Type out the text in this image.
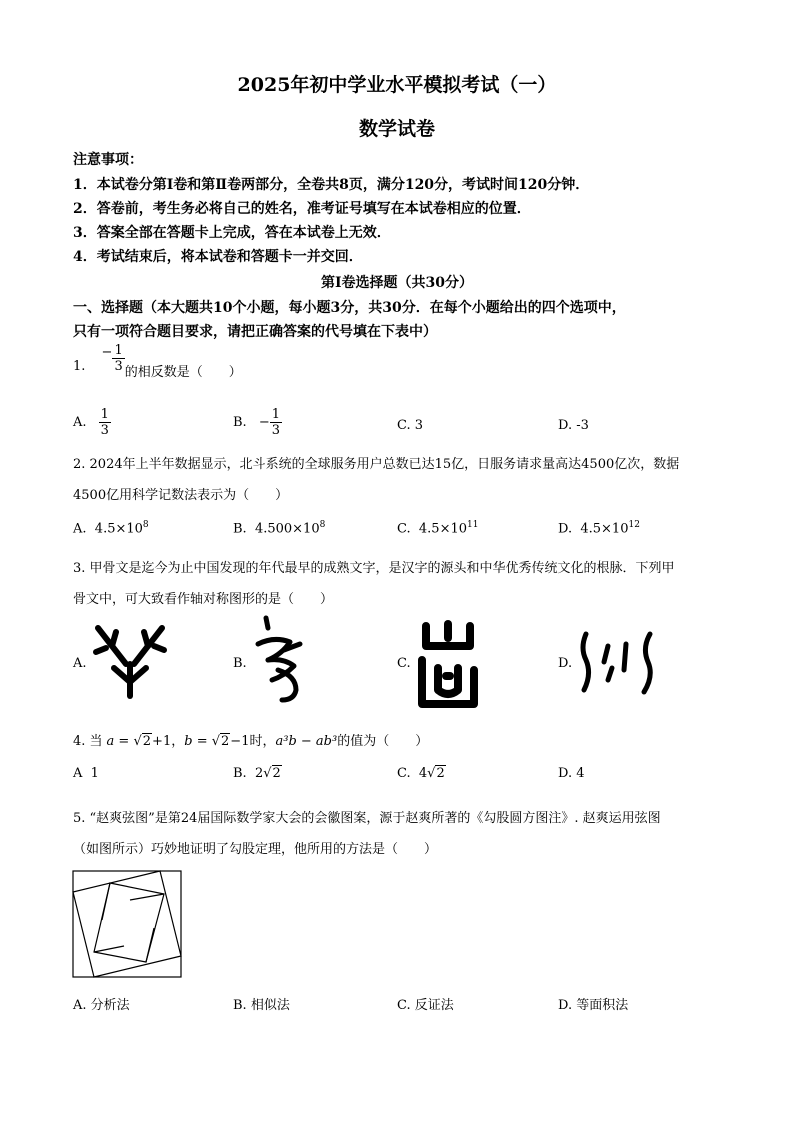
2025年初中学业水平模拟考试（一）
数学试卷
注意事项：
1．本试卷分第Ⅰ卷和第Ⅱ卷两部分，全卷共8页，满分120分，考试时间120分钟．
2．答卷前，考生务必将自己的姓名，准考证号填写在本试卷相应的位置．
3．答案全部在答题卡上完成，答在本试卷上无效．
4．考试结束后，将本试卷和答题卡一并交回．
第Ⅰ卷选择题（共30分）
一、选择题（本大题共10个小题，每小题3分，共30分．在每个小题给出的四个选项中，
只有一项符合题目要求，请把正确答案的代号填在下表中）
1. − $\frac{1}{3}$ 的相反数是（　　）
A. $\frac{1}{3}$	B. − $\frac{1}{3}$	C. 3	D. -3
2. 2024年上半年数据显示，北斗系统的全球服务用户总数已达15亿，日服务请求量高达4500亿次，数据
4500亿用科学记数法表示为（　　）
A. $4.5\times 10^8$	B. $4.500\times 10^8$	C. $4.5\times 10^{11}$	D. $4.5\times 10^{12}$
3. 甲骨文是迄今为止中国发现的年代最早的成熟文字，是汉字的源头和中华优秀传统文化的根脉．下列甲
骨文中，可大致看作轴对称图形的是（　　）
A.	B.	C.	D.
4. 当 a = √2+1，b = √2−1时，a³b − ab³的值为（　　）
A 1	B. 2√2	C. 4√2	D. 4
5. “赵爽弦图”是第24届国际数学家大会的会徽图案，源于赵爽所著的《勾股圆方图注》. 赵爽运用弦图
（如图所示）巧妙地证明了勾股定理，他所用的方法是（　　）
A. 分析法	B. 相似法	C. 反证法	D. 等面积法
